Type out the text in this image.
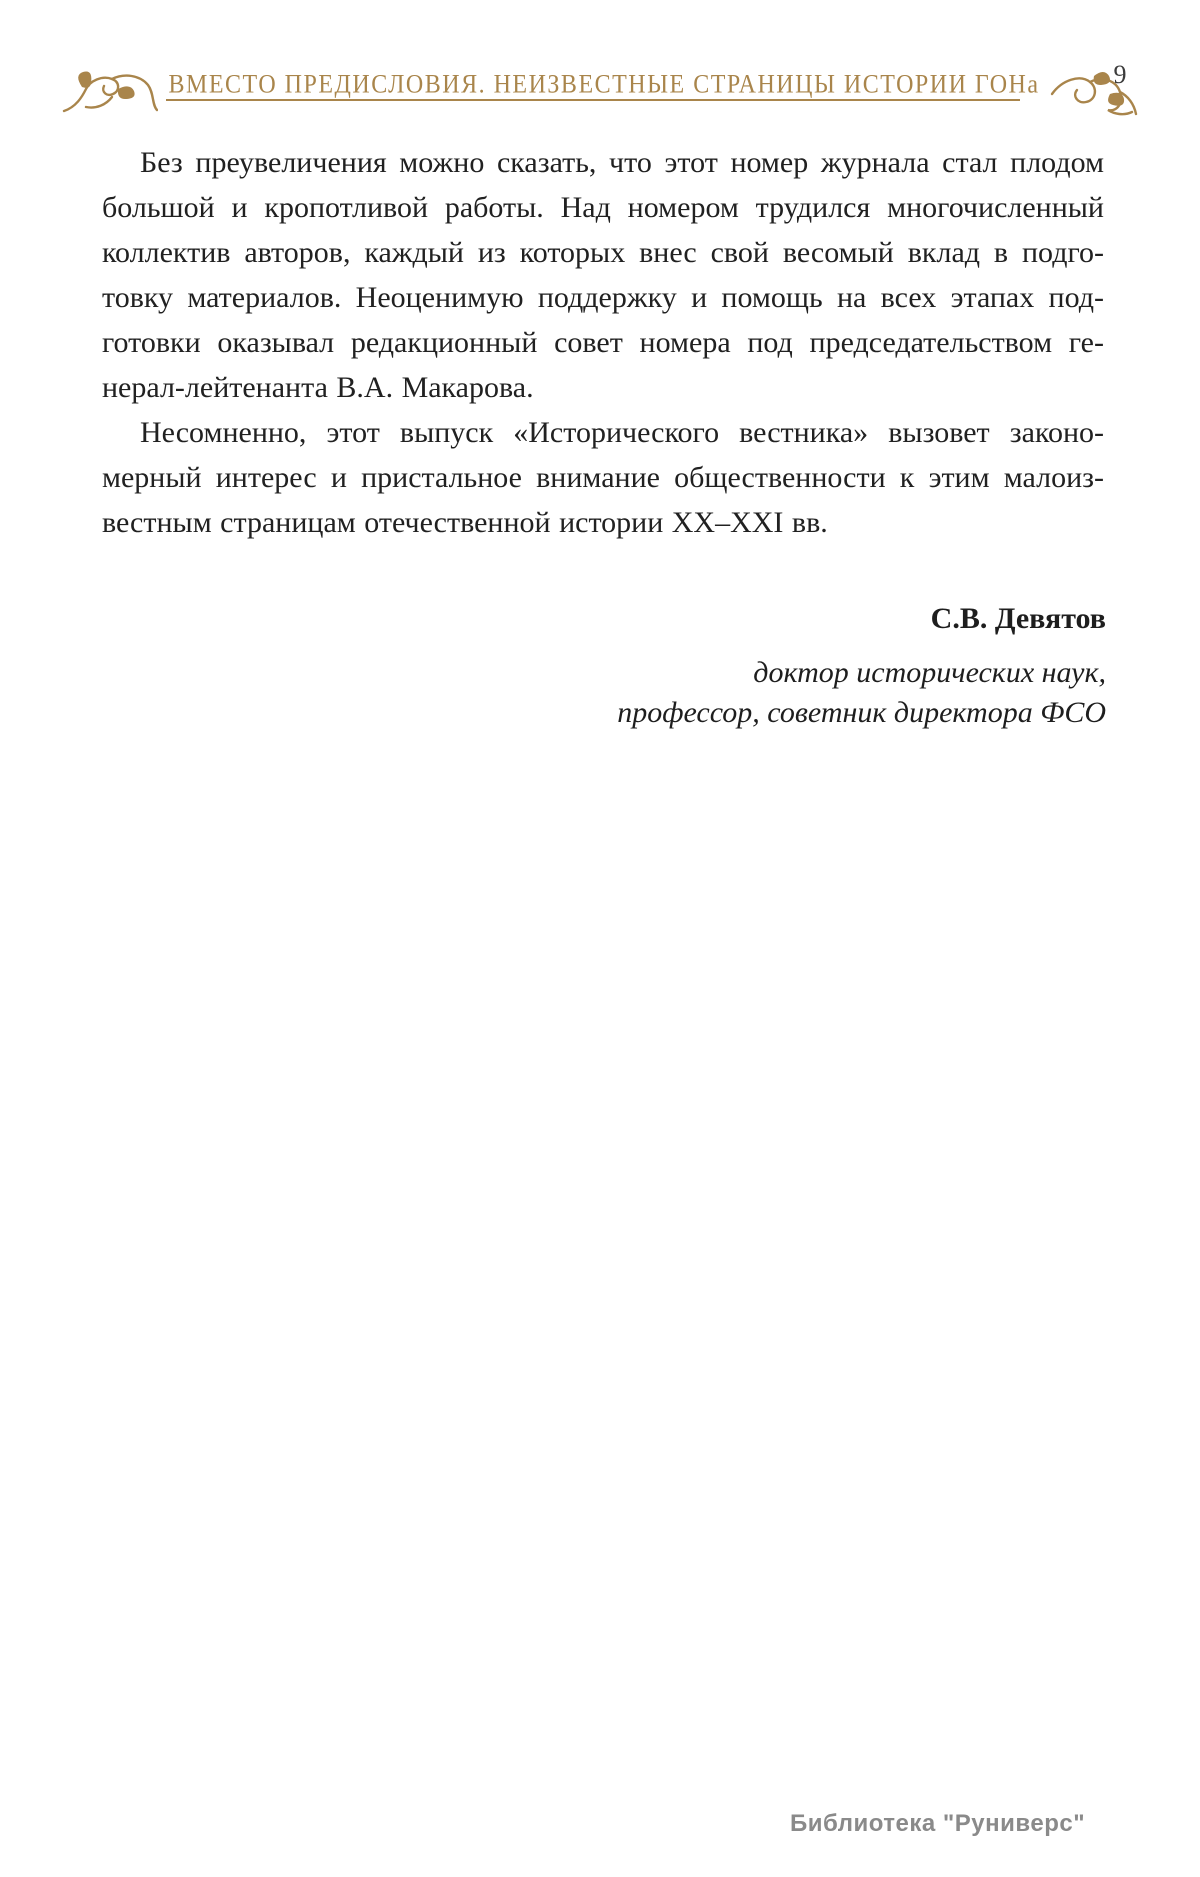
ВМЕСТО ПРЕДИСЛОВИЯ. НЕИЗВЕСТНЫЕ СТРАНИЦЫ ИСТОРИИ ГОНа	9
Без преувеличения можно сказать, что этот номер журнала стал плодом
большой и кропотливой работы. Над номером трудился многочисленный
коллектив авторов, каждый из которых внес свой весомый вклад в подго-
товку материалов. Неоценимую поддержку и помощь на всех этапах под-
готовки оказывал редакционный совет номера под председательством ге-
нерал-лейтенанта В.А. Макарова.
Несомненно, этот выпуск «Исторического вестника» вызовет законо-
мерный интерес и пристальное внимание общественности к этим малоиз-
вестным страницам отечественной истории XX–XXI вв.
С.В. Девятов
доктор исторических наук,
профессор, советник директора ФСО
Библиотека "Руниверс"
